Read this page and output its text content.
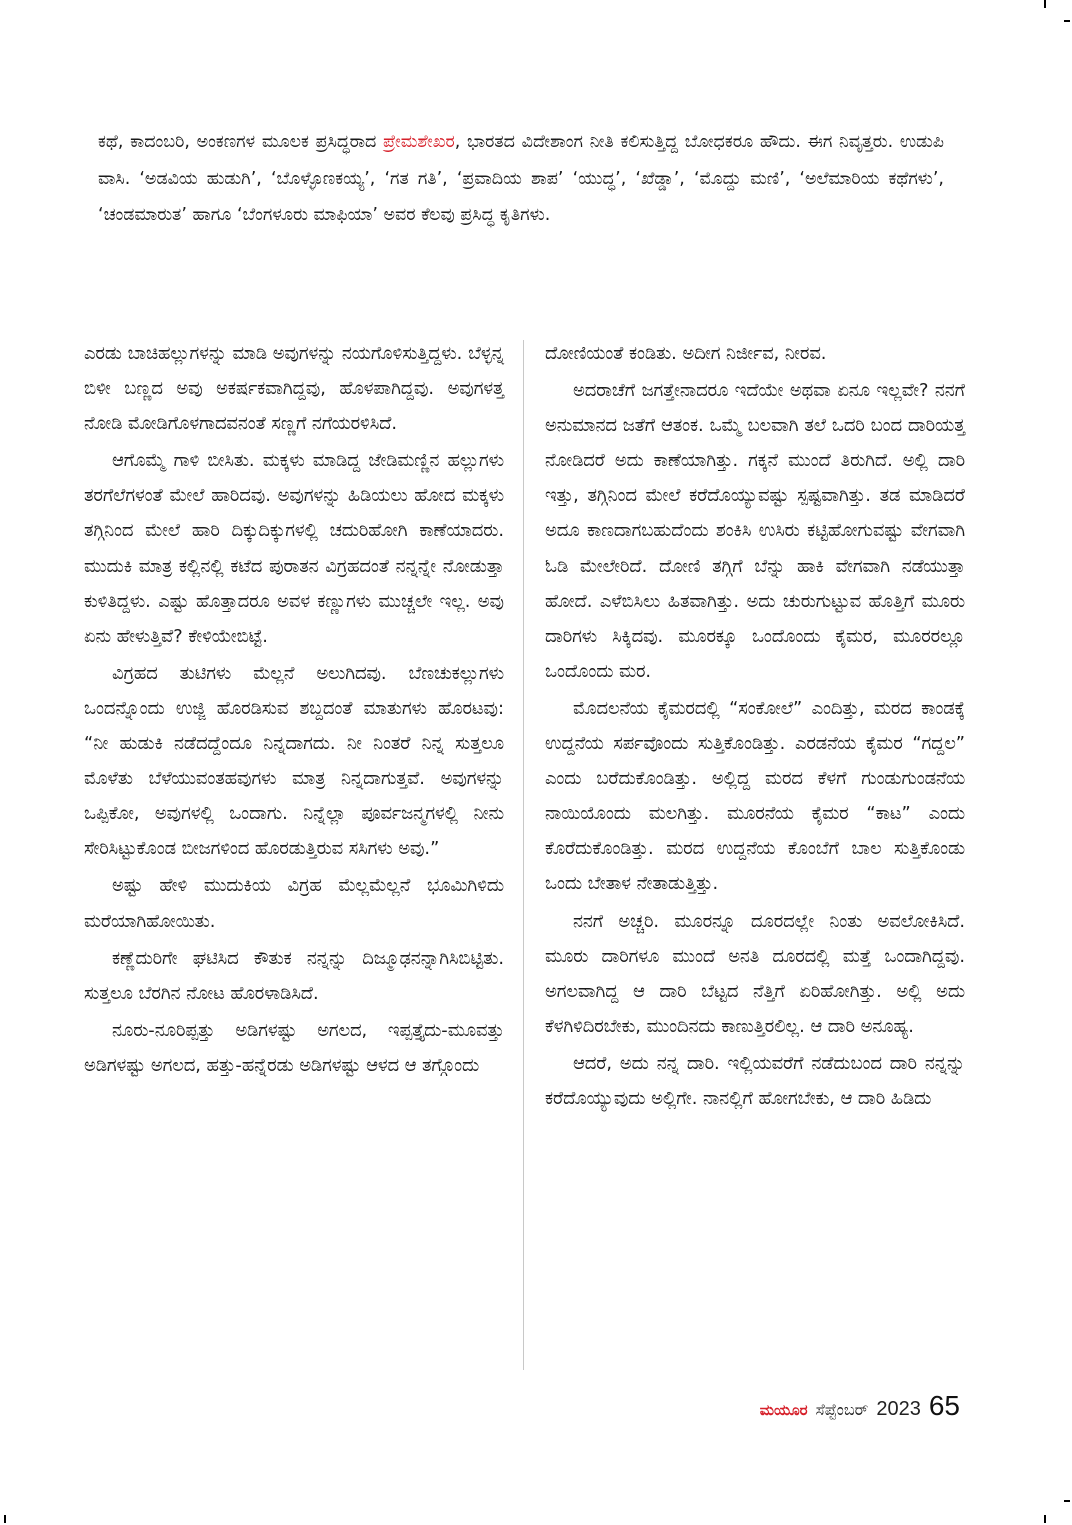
ಕಥೆ, ಕಾದಂಬರಿ, ಅಂಕಣಗಳ ಮೂಲಕ ಪ್ರಸಿದ್ಧರಾದ ಪ್ರೇಮಶೇಖರ, ಭಾರತದ ವಿದೇಶಾಂಗ ನೀತಿ ಕಲಿಸುತ್ತಿದ್ದ ಬೋಧಕರೂ ಹೌದು. ಈಗ ನಿವೃತ್ತರು. ಉಡುಪಿ ವಾಸಿ. ‘ಅಡವಿಯ ಹುಡುಗಿ’, ‘ಬೊಳ್ಳೊಣಕಯ್ಯ’, ‘ಗತ ಗತಿ’, ‘ಪ್ರವಾದಿಯ ಶಾಪ’ ‘ಯುದ್ಧ’, ‘ಖೆಡ್ಡಾ’, ‘ಮೊದ್ದು ಮಣಿ’, ‘ಅಲೆಮಾರಿಯ ಕಥೆಗಳು’, ‘ಚಂಡಮಾರುತ’ ಹಾಗೂ ‘ಬೆಂಗಳೂರು ಮಾಫಿಯಾ’ ಅವರ ಕೆಲವು ಪ್ರಸಿದ್ಧ ಕೃತಿಗಳು.

ಎರಡು ಬಾಚಿಹಲ್ಲುಗಳನ್ನು ಮಾಡಿ ಅವುಗಳನ್ನು ನಯಗೊಳಿಸುತ್ತಿದ್ದಳು. ಬೆಳ್ಳನ್ನ ಬಿಳೀ ಬಣ್ಣದ ಅವು ಅಕರ್ಷಕವಾಗಿದ್ದವು, ಹೊಳಪಾಗಿದ್ದವು. ಅವುಗಳತ್ತ ನೋಡಿ ಮೋಡಿಗೊಳಗಾದವನಂತೆ ಸಣ್ಣಗೆ ನಗೆಯರಳಿಸಿದೆ.

ಆಗೊಮ್ಮೆ ಗಾಳಿ ಬೀಸಿತು. ಮಕ್ಕಳು ಮಾಡಿದ್ದ ಜೇಡಿಮಣ್ಣಿನ ಹಲ್ಲುಗಳು ತರಗೆಲೆಗಳಂತೆ ಮೇಲೆ ಹಾರಿದವು. ಅವುಗಳನ್ನು ಹಿಡಿಯಲು ಹೋದ ಮಕ್ಕಳು ತಗ್ಗಿನಿಂದ ಮೇಲೆ ಹಾರಿ ದಿಕ್ಕುದಿಕ್ಕುಗಳಲ್ಲಿ ಚದುರಿಹೋಗಿ ಕಾಣೆಯಾದರು. ಮುದುಕಿ ಮಾತ್ರ ಕಲ್ಲಿನಲ್ಲಿ ಕಟೆದ ಪುರಾತನ ವಿಗ್ರಹದಂತೆ ನನ್ನನ್ನೇ ನೋಡುತ್ತಾ ಕುಳಿತಿದ್ದಳು. ಎಷ್ಟು ಹೊತ್ತಾದರೂ ಅವಳ ಕಣ್ಣುಗಳು ಮುಚ್ಚಲೇ ಇಲ್ಲ. ಅವು ಏನು ಹೇಳುತ್ತಿವೆ? ಕೇಳಿಯೇಬಿಟ್ಟೆ.

ವಿಗ್ರಹದ ತುಟಿಗಳು ಮೆಲ್ಲನೆ ಅಲುಗಿದವು. ಬೆಣಚುಕಲ್ಲುಗಳು ಒಂದನ್ನೊಂದು ಉಜ್ಜಿ ಹೊರಡಿಸುವ ಶಬ್ದದಂತೆ ಮಾತುಗಳು ಹೊರಟವು: “ನೀ ಹುಡುಕಿ ನಡೆದದ್ದೆಂದೂ ನಿನ್ನದಾಗದು. ನೀ ನಿಂತರೆ ನಿನ್ನ ಸುತ್ತಲೂ ಮೊಳೆತು ಬೆಳೆಯುವಂತಹವುಗಳು ಮಾತ್ರ ನಿನ್ನದಾಗುತ್ತವೆ. ಅವುಗಳನ್ನು ಒಪ್ಪಿಕೋ, ಅವುಗಳಲ್ಲಿ ಒಂದಾಗು. ನಿನ್ನೆಲ್ಲಾ ಪೂರ್ವಜನ್ಮಗಳಲ್ಲಿ ನೀನು ಸೇರಿಸಿಟ್ಟುಕೊಂಡ ಬೀಜಗಳಿಂದ ಹೊರಡುತ್ತಿರುವ ಸಸಿಗಳು ಅವು.”

ಅಷ್ಟು ಹೇಳಿ ಮುದುಕಿಯ ವಿಗ್ರಹ ಮೆಲ್ಲಮೆಲ್ಲನೆ ಭೂಮಿಗಿಳಿದು ಮರೆಯಾಗಿಹೋಯಿತು.

ಕಣ್ಣೆದುರಿಗೇ ಘಟಿಸಿದ ಕೌತುಕ ನನ್ನನ್ನು ದಿಜ್ಮೂಢನನ್ನಾಗಿಸಿಬಿಟ್ಟಿತು. ಸುತ್ತಲೂ ಬೆರಗಿನ ನೋಟ ಹೊರಳಾಡಿಸಿದೆ.

ನೂರು-ನೂರಿಪ್ಪತ್ತು ಅಡಿಗಳಷ್ಟು ಅಗಲದ, ಇಪ್ಪತ್ತೈದು-ಮೂವತ್ತು ಅಡಿಗಳಷ್ಟು ಅಗಲದ, ಹತ್ತು-ಹನ್ನೆರಡು ಅಡಿಗಳಷ್ಟು ಆಳದ ಆ ತಗ್ಗೊಂದು

ದೋಣಿಯಂತೆ ಕಂಡಿತು. ಅದೀಗ ನಿರ್ಜೀವ, ನೀರವ.

ಅದರಾಚೆಗೆ ಜಗತ್ತೇನಾದರೂ ಇದೆಯೇ ಅಥವಾ ಏನೂ ಇಲ್ಲವೇ? ನನಗೆ ಅನುಮಾನದ ಜತೆಗೆ ಆತಂಕ. ಒಮ್ಮೆ ಬಲವಾಗಿ ತಲೆ ಒದರಿ ಬಂದ ದಾರಿಯತ್ತ ನೋಡಿದರೆ ಅದು ಕಾಣೆಯಾಗಿತ್ತು. ಗಕ್ಕನೆ ಮುಂದೆ ತಿರುಗಿದೆ. ಅಲ್ಲಿ ದಾರಿ ಇತ್ತು, ತಗ್ಗಿನಿಂದ ಮೇಲೆ ಕರೆದೊಯ್ಯುವಷ್ಟು ಸ್ಪಷ್ಟವಾಗಿತ್ತು. ತಡ ಮಾಡಿದರೆ ಅದೂ ಕಾಣದಾಗಬಹುದೆಂದು ಶಂಕಿಸಿ ಉಸಿರು ಕಟ್ಟಿಹೋಗುವಷ್ಟು ವೇಗವಾಗಿ ಓಡಿ ಮೇಲೇರಿದೆ. ದೋಣಿ ತಗ್ಗಿಗೆ ಬೆನ್ನು ಹಾಕಿ ವೇಗವಾಗಿ ನಡೆಯುತ್ತಾ ಹೋದೆ. ಎಳೆಬಿಸಿಲು ಹಿತವಾಗಿತ್ತು. ಅದು ಚುರುಗುಟ್ಟುವ ಹೊತ್ತಿಗೆ ಮೂರು ದಾರಿಗಳು ಸಿಕ್ಕಿದವು. ಮೂರಕ್ಕೂ ಒಂದೊಂದು ಕೈಮರ, ಮೂರರಲ್ಲೂ ಒಂದೊಂದು ಮರ.

ಮೊದಲನೆಯ ಕೈಮರದಲ್ಲಿ “ಸಂಕೋಲೆ” ಎಂದಿತ್ತು, ಮರದ ಕಾಂಡಕ್ಕೆ ಉದ್ದನೆಯ ಸರ್ಪವೊಂದು ಸುತ್ತಿಕೊಂಡಿತ್ತು. ಎರಡನೆಯ ಕೈಮರ “ಗದ್ದಲ” ಎಂದು ಬರೆದುಕೊಂಡಿತ್ತು. ಅಲ್ಲಿದ್ದ ಮರದ ಕೆಳಗೆ ಗುಂಡುಗುಂಡನೆಯ ನಾಯಿಯೊಂದು ಮಲಗಿತ್ತು. ಮೂರನೆಯ ಕೈಮರ “ಕಾಟ” ಎಂದು ಕೊರೆದುಕೊಂಡಿತ್ತು. ಮರದ ಉದ್ದನೆಯ ಕೊಂಬೆಗೆ ಬಾಲ ಸುತ್ತಿಕೊಂಡು ಒಂದು ಬೇತಾಳ ನೇತಾಡುತ್ತಿತ್ತು.

ನನಗೆ ಅಚ್ಚರಿ. ಮೂರನ್ನೂ ದೂರದಲ್ಲೇ ನಿಂತು ಅವಲೋಕಿಸಿದೆ. ಮೂರು ದಾರಿಗಳೂ ಮುಂದೆ ಅನತಿ ದೂರದಲ್ಲಿ ಮತ್ತೆ ಒಂದಾಗಿದ್ದವು. ಅಗಲವಾಗಿದ್ದ ಆ ದಾರಿ ಬೆಟ್ಟದ ನೆತ್ತಿಗೆ ಏರಿಹೋಗಿತ್ತು. ಅಲ್ಲಿ ಅದು ಕೆಳಗಿಳಿದಿರಬೇಕು, ಮುಂದಿನದು ಕಾಣುತ್ತಿರಲಿಲ್ಲ. ಆ ದಾರಿ ಅನೂಹ್ಯ.

ಆದರೆ, ಅದು ನನ್ನ ದಾರಿ. ಇಲ್ಲಿಯವರೆಗೆ ನಡೆದುಬಂದ ದಾರಿ ನನ್ನನ್ನು ಕರೆದೊಯ್ಯುವುದು ಅಲ್ಲಿಗೇ. ನಾನಲ್ಲಿಗೆ ಹೋಗಬೇಕು, ಆ ದಾರಿ ಹಿಡಿದು

ಮಯೂರ ಸೆಪ್ಟೆಂಬರ್ 2023 65
